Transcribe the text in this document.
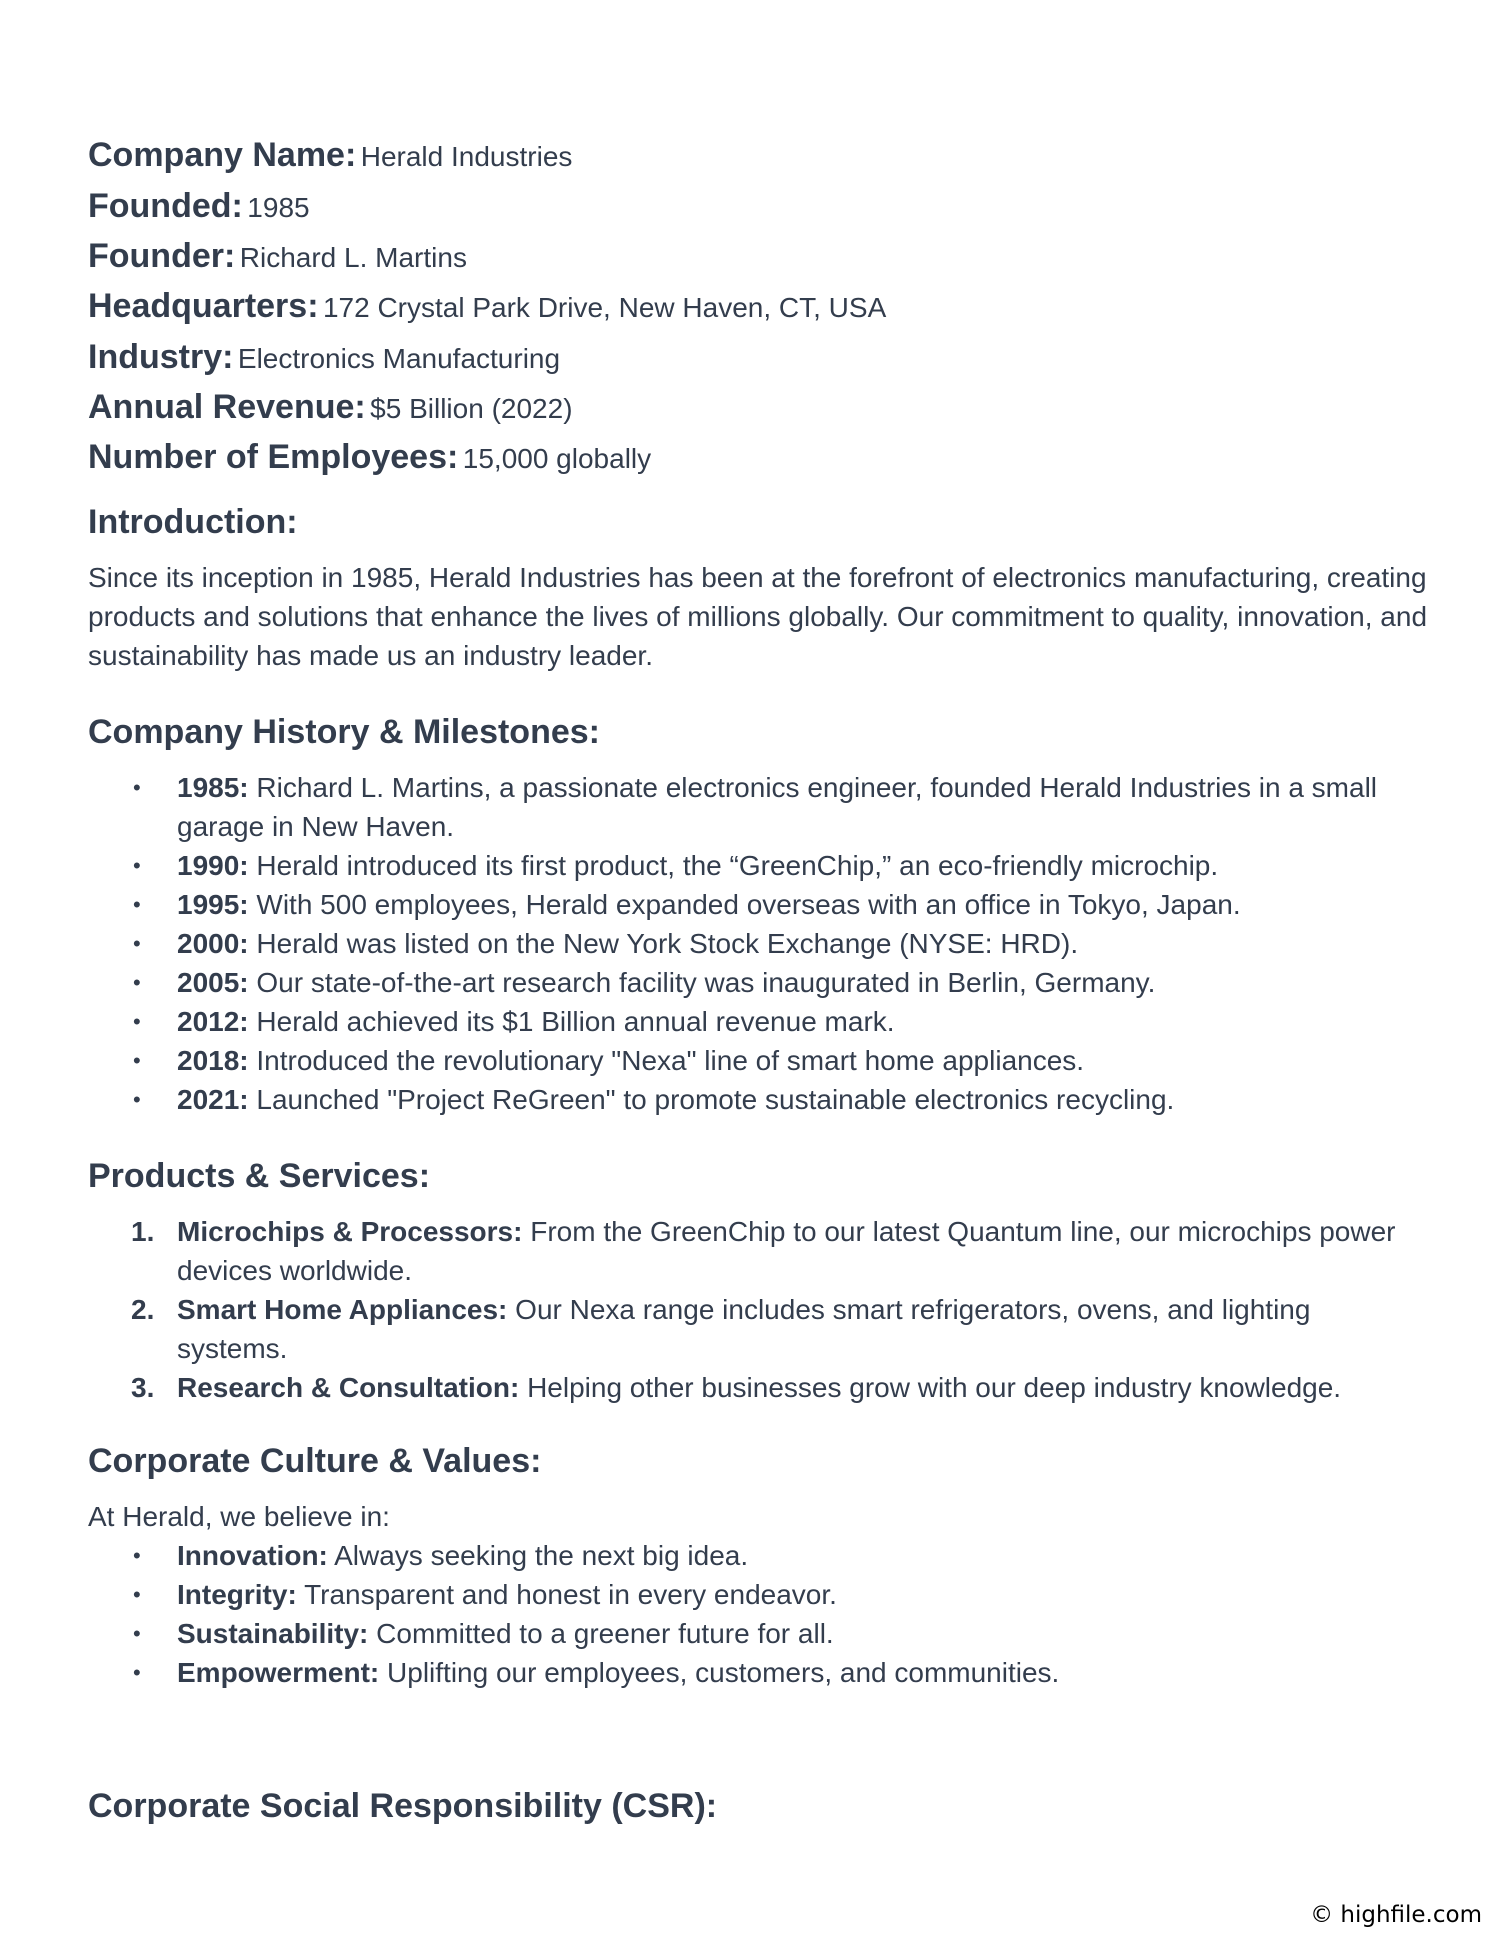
Company Name: Herald Industries
Founded: 1985
Founder: Richard L. Martins
Headquarters: 172 Crystal Park Drive, New Haven, CT, USA
Industry: Electronics Manufacturing
Annual Revenue: $5 Billion (2022)
Number of Employees: 15,000 globally
Introduction:

Since its inception in 1985, Herald Industries has been at the forefront of electronics manufacturing, creating products and solutions that enhance the lives of millions globally. Our commitment to quality, innovation, and sustainability has made us an industry leader.

Company History & Milestones:
• 1985: Richard L. Martins, a passionate electronics engineer, founded Herald Industries in a small garage in New Haven.
• 1990: Herald introduced its first product, the “GreenChip,” an eco-friendly microchip.
• 1995: With 500 employees, Herald expanded overseas with an office in Tokyo, Japan.
• 2000: Herald was listed on the New York Stock Exchange (NYSE: HRD).
• 2005: Our state-of-the-art research facility was inaugurated in Berlin, Germany.
• 2012: Herald achieved its $1 Billion annual revenue mark.
• 2018: Introduced the revolutionary "Nexa" line of smart home appliances.
• 2021: Launched "Project ReGreen" to promote sustainable electronics recycling.
Products & Services:
1. Microchips & Processors: From the GreenChip to our latest Quantum line, our microchips power devices worldwide.
2. Smart Home Appliances: Our Nexa range includes smart refrigerators, ovens, and lighting systems.
3. Research & Consultation: Helping other businesses grow with our deep industry knowledge.
Corporate Culture & Values:

At Herald, we believe in:

• Innovation: Always seeking the next big idea.
• Integrity: Transparent and honest in every endeavor.
• Sustainability: Committed to a greener future for all.
• Empowerment: Uplifting our employees, customers, and communities.
Corporate Social Responsibility (CSR):
© highfile.com
